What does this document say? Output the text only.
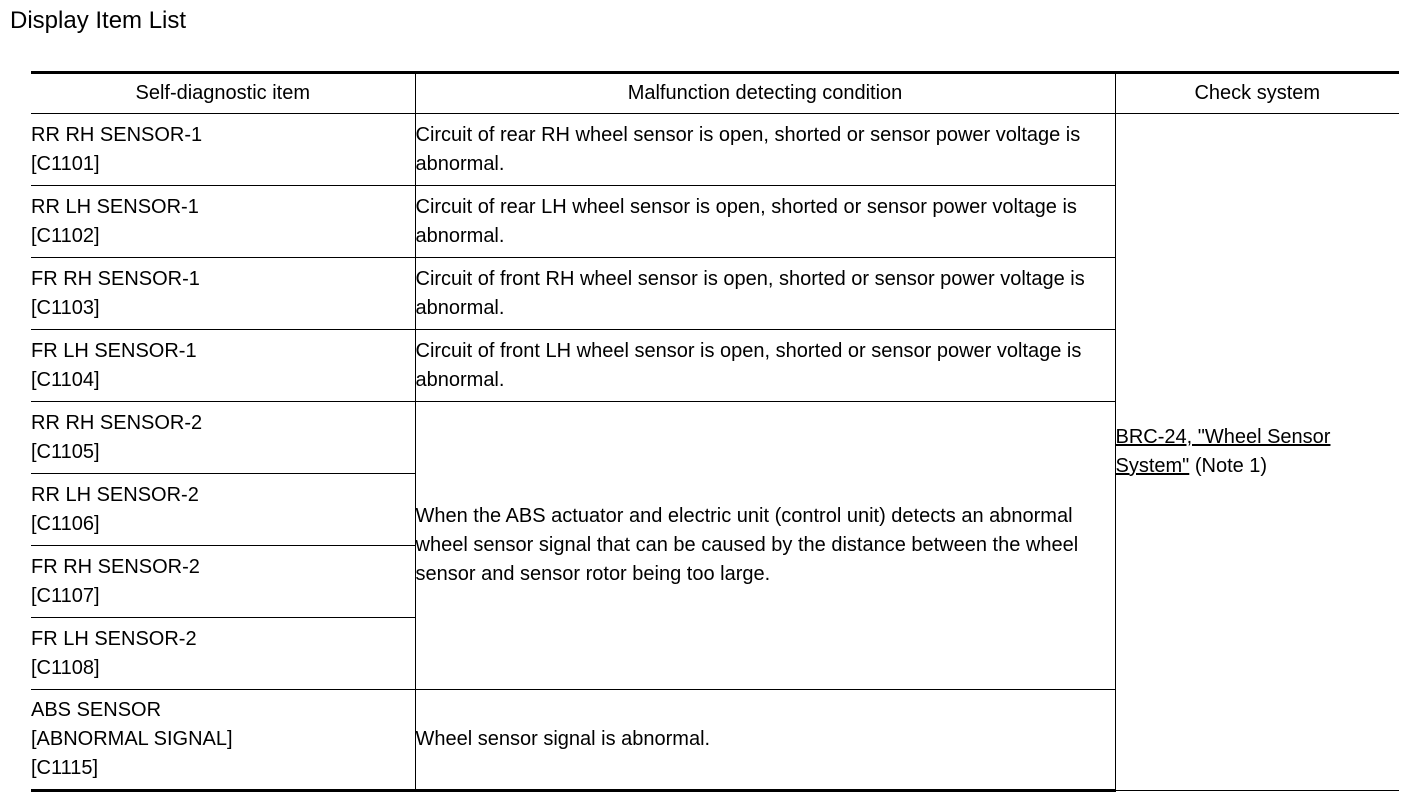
Display Item List
Self-diagnostic item	Malfunction detecting condition	Check system

RR RH SENSOR-1
[C1101]	Circuit of rear RH wheel sensor is open, shorted or sensor power voltage is abnormal.	BRC-24, "Wheel Sensor System" (Note 1)

RR LH SENSOR-1
[C1102]	Circuit of rear LH wheel sensor is open, shorted or sensor power voltage is abnormal.	

FR RH SENSOR-1
[C1103]	Circuit of front RH wheel sensor is open, shorted or sensor power voltage is abnormal.	

FR LH SENSOR-1
[C1104]	Circuit of front LH wheel sensor is open, shorted or sensor power voltage is abnormal.	

RR RH SENSOR-2
[C1105]	When the ABS actuator and electric unit (control unit) detects an abnormal wheel sensor signal that can be caused by the distance between the wheel sensor and sensor rotor being too large.	

RR LH SENSOR-2
[C1106]		

FR RH SENSOR-2
[C1107]		

FR LH SENSOR-2
[C1108]		

ABS SENSOR
[ABNORMAL SIGNAL]
[C1115]	Wheel sensor signal is abnormal.	
